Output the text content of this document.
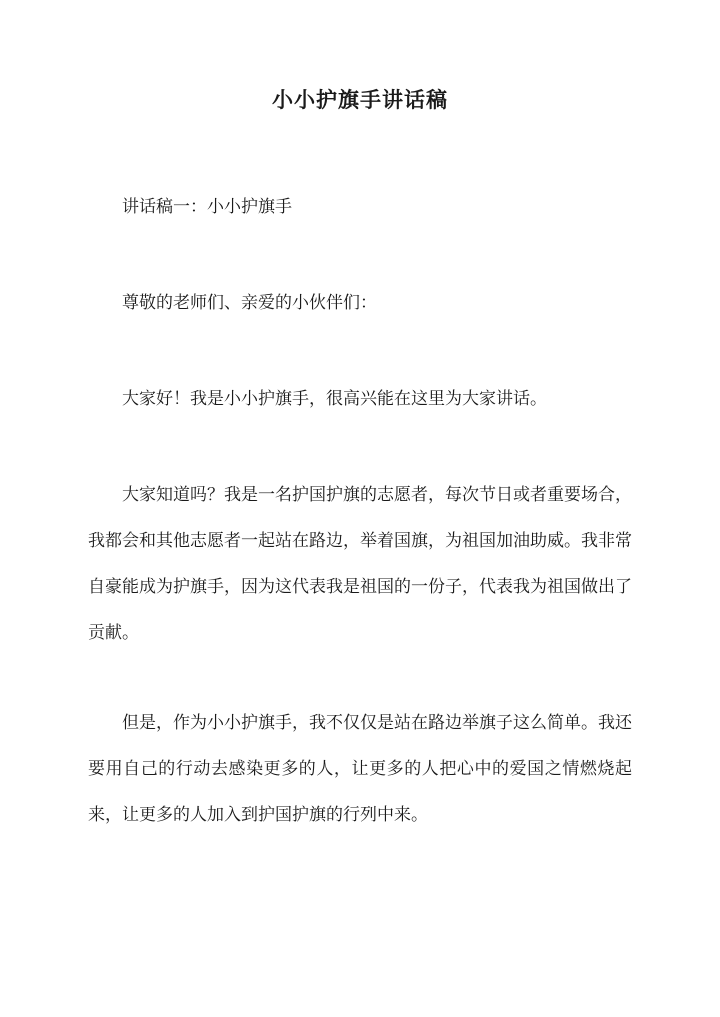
小小护旗手讲话稿

讲话稿一：小小护旗手

尊敬的老师们、亲爱的小伙伴们：

大家好！我是小小护旗手，很高兴能在这里为大家讲话。

大家知道吗？我是一名护国护旗的志愿者，每次节日或者重要场合，我都会和其他志愿者一起站在路边，举着国旗，为祖国加油助威。我非常自豪能成为护旗手，因为这代表我是祖国的一份子，代表我为祖国做出了贡献。

但是，作为小小护旗手，我不仅仅是站在路边举旗子这么简单。我还要用自己的行动去感染更多的人，让更多的人把心中的爱国之情燃烧起来，让更多的人加入到护国护旗的行列中来。
